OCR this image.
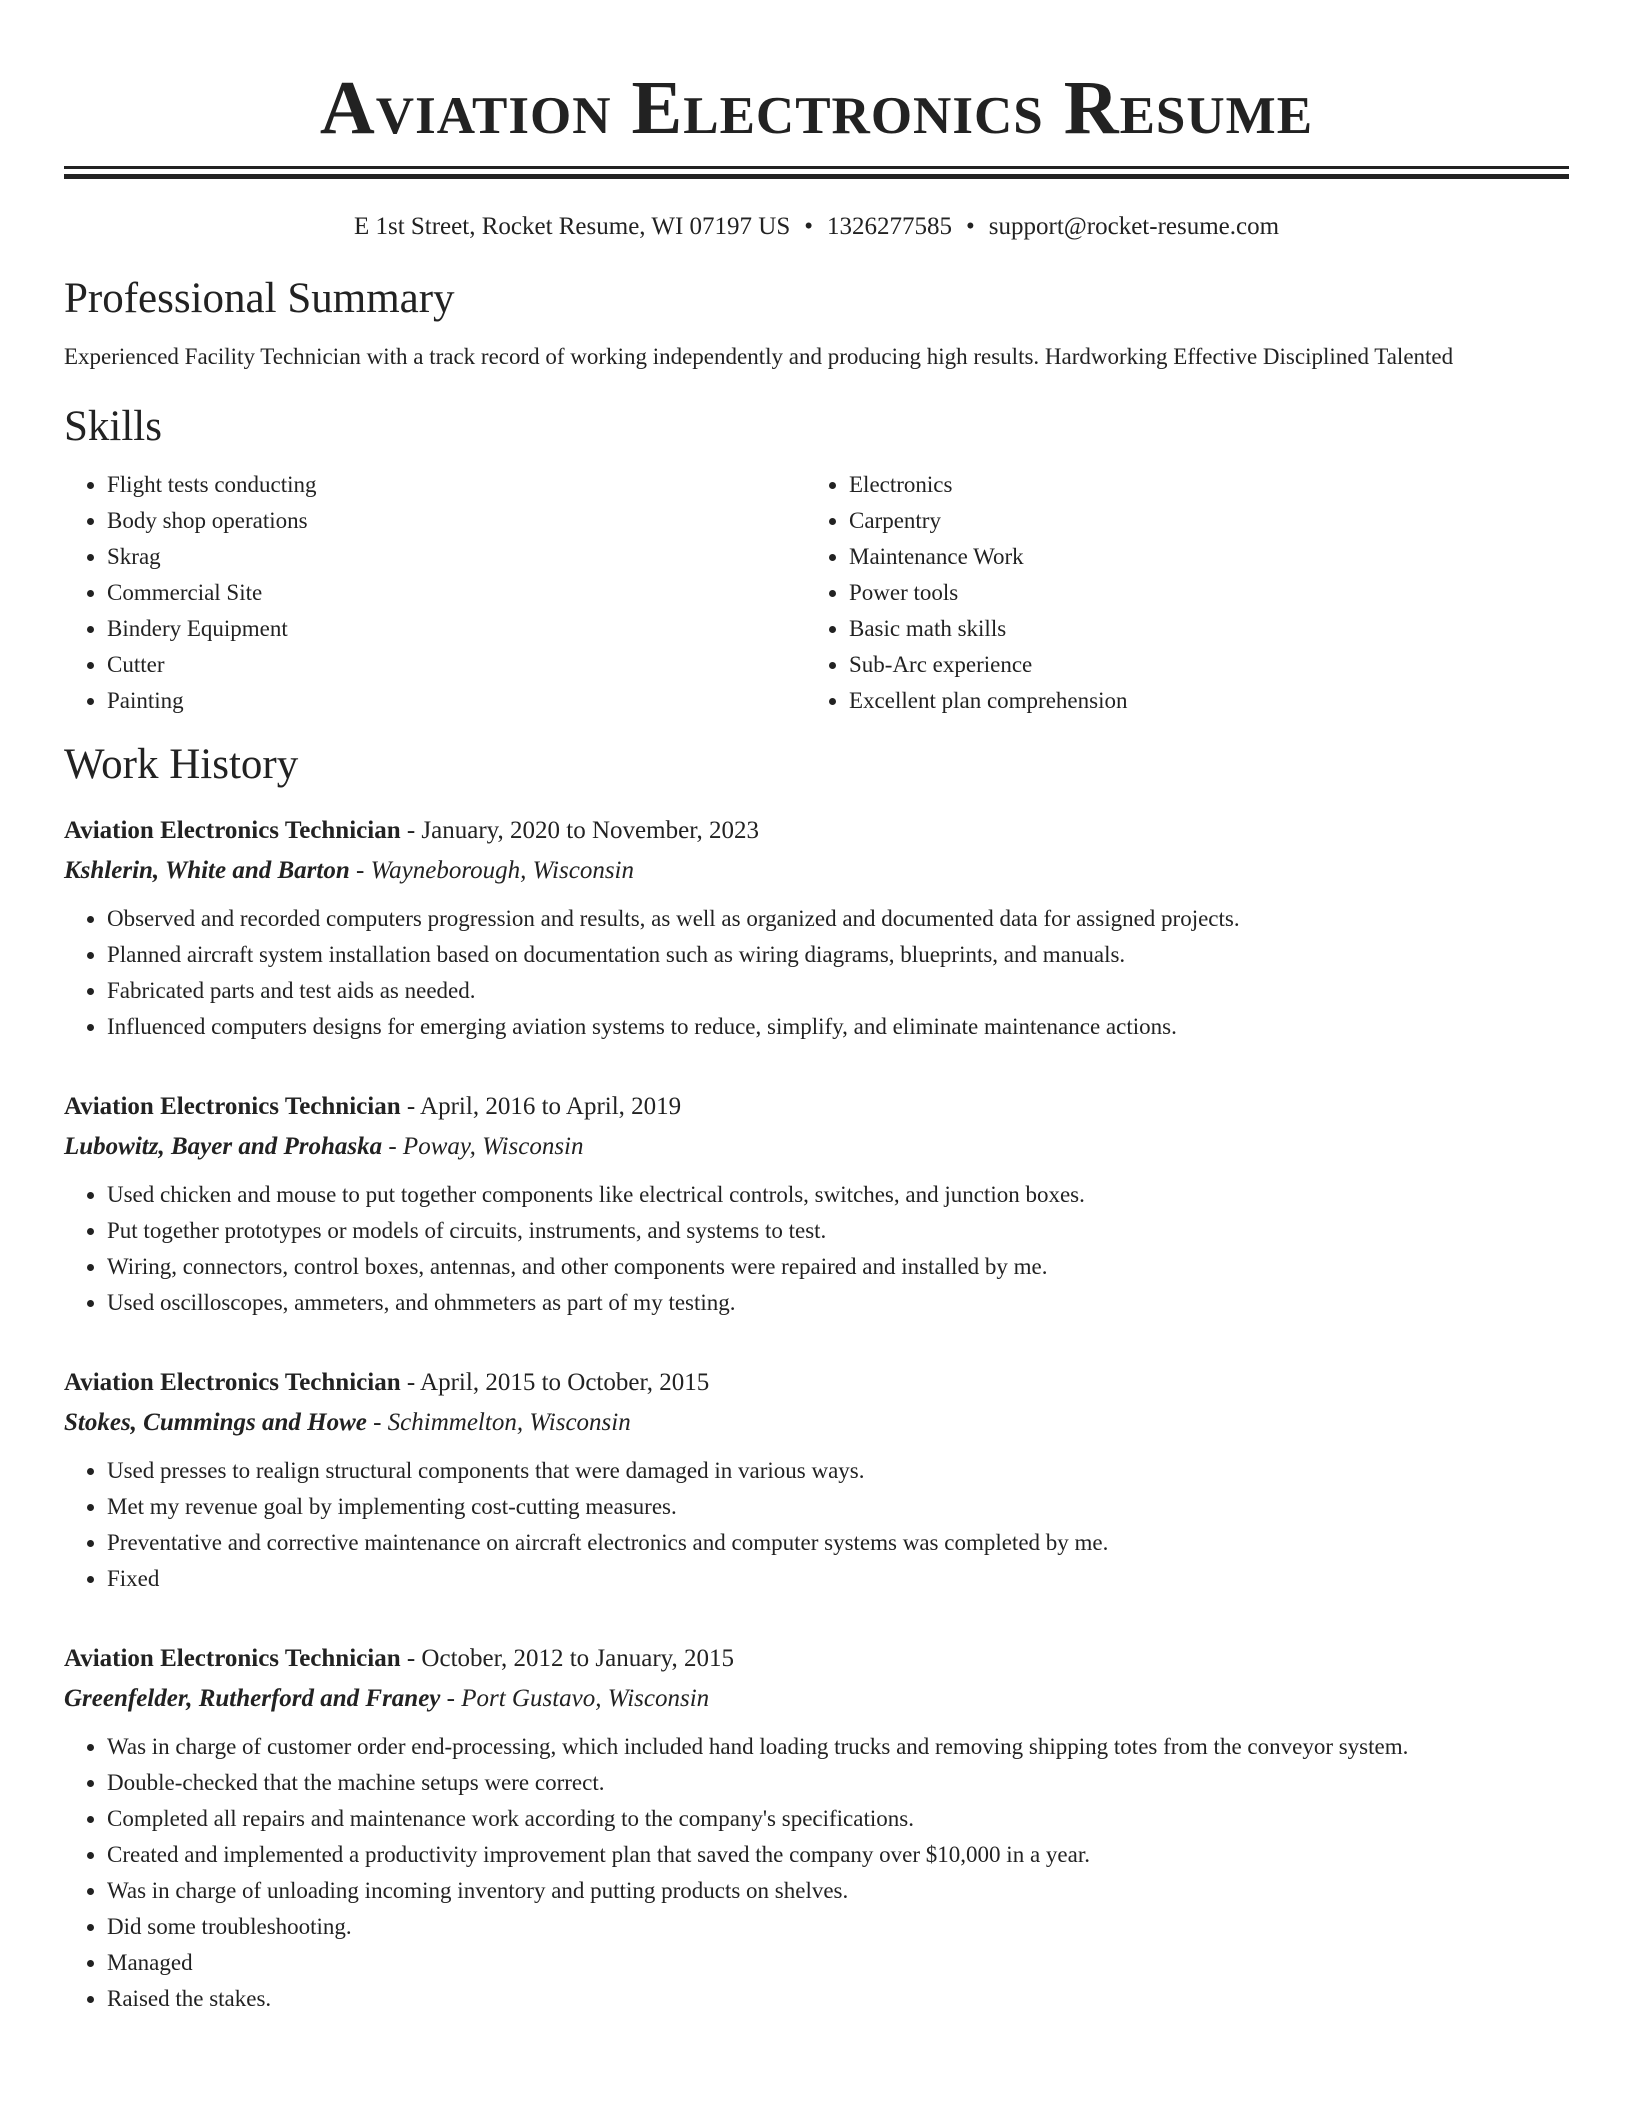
Aviation Electronics Resume
E 1st Street, Rocket Resume, WI 07197 US • 1326277585 • support@rocket-resume.com
Professional Summary
Experienced Facility Technician with a track record of working independently and producing high results. Hardworking Effective Disciplined Talented
Skills
• Flight tests conducting
• Body shop operations
• Skrag
• Commercial Site
• Bindery Equipment
• Cutter
• Painting
• Electronics
• Carpentry
• Maintenance Work
• Power tools
• Basic math skills
• Sub-Arc experience
• Excellent plan comprehension
Work History
Aviation Electronics Technician - January, 2020 to November, 2023
Kshlerin, White and Barton - Wayneborough, Wisconsin
• Observed and recorded computers progression and results, as well as organized and documented data for assigned projects.
• Planned aircraft system installation based on documentation such as wiring diagrams, blueprints, and manuals.
• Fabricated parts and test aids as needed.
• Influenced computers designs for emerging aviation systems to reduce, simplify, and eliminate maintenance actions.
Aviation Electronics Technician - April, 2016 to April, 2019
Lubowitz, Bayer and Prohaska - Poway, Wisconsin
• Used chicken and mouse to put together components like electrical controls, switches, and junction boxes.
• Put together prototypes or models of circuits, instruments, and systems to test.
• Wiring, connectors, control boxes, antennas, and other components were repaired and installed by me.
• Used oscilloscopes, ammeters, and ohmmeters as part of my testing.
Aviation Electronics Technician - April, 2015 to October, 2015
Stokes, Cummings and Howe - Schimmelton, Wisconsin
• Used presses to realign structural components that were damaged in various ways.
• Met my revenue goal by implementing cost-cutting measures.
• Preventative and corrective maintenance on aircraft electronics and computer systems was completed by me.
• Fixed
Aviation Electronics Technician - October, 2012 to January, 2015
Greenfelder, Rutherford and Franey - Port Gustavo, Wisconsin
• Was in charge of customer order end-processing, which included hand loading trucks and removing shipping totes from the conveyor system.
• Double-checked that the machine setups were correct.
• Completed all repairs and maintenance work according to the company's specifications.
• Created and implemented a productivity improvement plan that saved the company over $10,000 in a year.
• Was in charge of unloading incoming inventory and putting products on shelves.
• Did some troubleshooting.
• Managed
• Raised the stakes.
